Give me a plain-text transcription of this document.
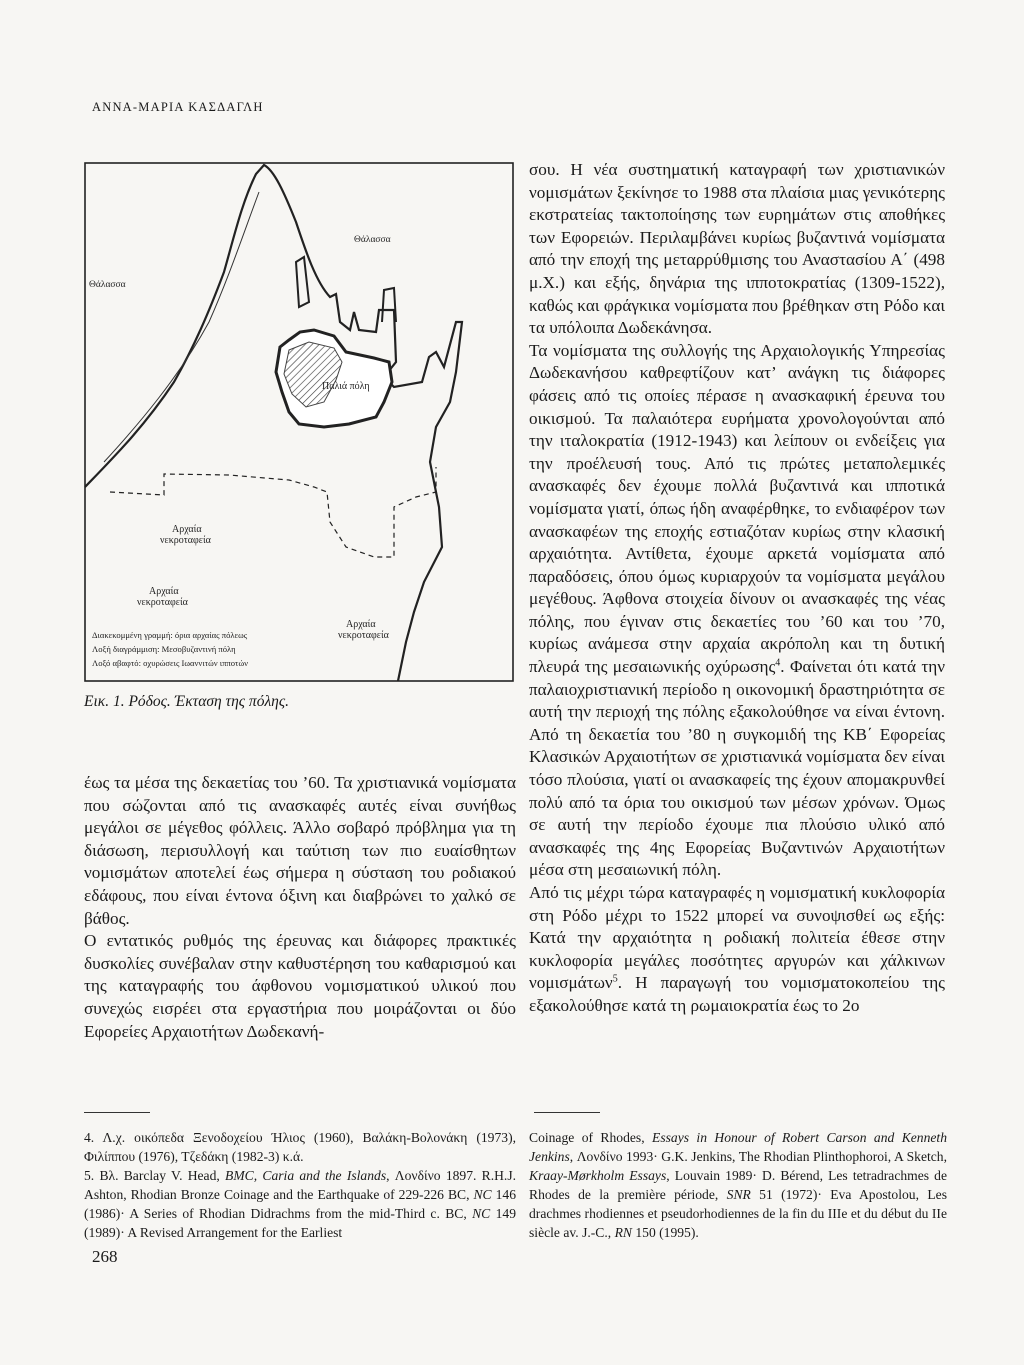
ΑΝΝΑ-ΜΑΡΙΑ ΚΑΣΔΑΓΛΗ
Θάλασσα
Θάλασσα
Παλιά πόλη
Αρχαία
νεκροταφεία
Αρχαία
νεκροταφεία
Αρχαία
νεκροταφεία
Διακεκομμένη γραμμή: όρια αρχαίας πόλεως
Λοξή διαγράμμιση: Μεσοβυζαντινή πόλη
Λοξό αβαφτό: οχυρώσεις Ιωαννιτών ιπποτών
Εικ. 1. Ρόδος. Έκταση της πόλης.

έως τα μέσα της δεκαετίας του ’60. Τα χριστιανικά νομίσματα που σώζονται από τις ανασκαφές αυτές είναι συνήθως μεγάλοι σε μέγεθος φόλλεις. Άλλο σοβαρό πρόβλημα για τη διάσωση, περισυλλογή και ταύτιση των πιο ευαίσθητων νομισμάτων αποτελεί έως σήμερα η σύσταση του ροδιακού εδάφους, που είναι έντονα όξινη και διαβρώνει το χαλκό σε βάθος.

Ο εντατικός ρυθμός της έρευνας και διάφορες πρακτικές δυσκολίες συνέβαλαν στην καθυστέρηση του καθαρισμού και της καταγραφής του άφθονου νομισματικού υλικού που συνεχώς εισρέει στα εργαστήρια που μοιράζονται οι δύο Εφορείες Αρχαιοτήτων Δωδεκανή-

σου. Η νέα συστηματική καταγραφή των χριστιανικών νομισμάτων ξεκίνησε το 1988 στα πλαίσια μιας γενικότερης εκστρατείας τακτοποίησης των ευρημάτων στις αποθήκες των Εφορειών. Περιλαμβάνει κυρίως βυζαντινά νομίσματα από την εποχή της μεταρρύθμισης του Αναστασίου Α΄ (498 μ.Χ.) και εξής, δηνάρια της ιπποτοκρατίας (1309-1522), καθώς και φράγκικα νομίσματα που βρέθηκαν στη Ρόδο και τα υπόλοιπα Δωδεκάνησα.

Τα νομίσματα της συλλογής της Αρχαιολογικής Υπηρεσίας Δωδεκανήσου καθρεφτίζουν κατ’ ανάγκη τις διάφορες φάσεις από τις οποίες πέρασε η ανασκαφική έρευνα του οικισμού. Τα παλαιότερα ευρήματα χρονολογούνται από την ιταλοκρατία (1912-1943) και λείπουν οι ενδείξεις για την προέλευσή τους. Από τις πρώτες μεταπολεμικές ανασκαφές δεν έχουμε πολλά βυζαντινά και ιπποτικά νομίσματα γιατί, όπως ήδη αναφέρθηκε, το ενδιαφέρον των ανασκαφέων της εποχής εστιαζόταν κυρίως στην κλασική αρχαιότητα. Αντίθετα, έχουμε αρκετά νομίσματα από παραδόσεις, όπου όμως κυριαρχούν τα νομίσματα μεγάλου μεγέθους. Άφθονα στοιχεία δίνουν οι ανασκαφές της νέας πόλης, που έγιναν στις δεκαετίες του ’60 και του ’70, κυρίως ανάμεσα στην αρχαία ακρόπολη και τη δυτική πλευρά της μεσαιωνικής οχύρωσης$^4$. Φαίνεται ότι κατά την παλαιοχριστιανική περίοδο η οικονομική δραστηριότητα σε αυτή την περιοχή της πόλης εξακολούθησε να είναι έντονη. Από τη δεκαετία του ’80 η συγκομιδή της ΚΒ΄ Εφορείας Κλασικών Αρχαιοτήτων σε χριστιανικά νομίσματα δεν είναι τόσο πλούσια, γιατί οι ανασκαφείς της έχουν απομακρυνθεί πολύ από τα όρια του οικισμού των μέσων χρόνων. Όμως σε αυτή την περίοδο έχουμε πια πλούσιο υλικό από ανασκαφές της 4ης Εφορείας Βυζαντινών Αρχαιοτήτων μέσα στη μεσαιωνική πόλη.

Από τις μέχρι τώρα καταγραφές η νομισματική κυκλοφορία στη Ρόδο μέχρι το 1522 μπορεί να συνοψισθεί ως εξής: Κατά την αρχαιότητα η ροδιακή πολιτεία έθεσε στην κυκλοφορία μεγάλες ποσότητες αργυρών και χάλκινων νομισμάτων$^5$. Η παραγωγή του νομισματοκοπείου της εξακολούθησε κατά τη ρωμαιοκρατία έως το 2ο

4. Λ.χ. οικόπεδα Ξενοδοχείου Ήλιος (1960), Βαλάκη-Βολονάκη (1973), Φιλίππου (1976), Τζεδάκη (1982-3) κ.ά.

5. Βλ. Barclay V. Head, BMC, Caria and the Islands, Λονδίνο 1897. R.H.J. Ashton, Rhodian Bronze Coinage and the Earthquake of 229-226 BC, NC 146 (1986)· A Series of Rhodian Didrachms from the mid-Third c. BC, NC 149 (1989)· A Revised Arrangement for the Earliest

Coinage of Rhodes, Essays in Honour of Robert Carson and Kenneth Jenkins, Λονδίνο 1993· G.K. Jenkins, The Rhodian Plinthophoroi, A Sketch, Kraay-Mørkholm Essays, Louvain 1989· D. Bérend, Les tetradrachmes de Rhodes de la première période, SNR 51 (1972)· Eva Apostolou, Les drachmes rhodiennes et pseudorhodiennes de la fin du IIIe et du début du IIe siècle av. J.-C., RN 150 (1995).

268
